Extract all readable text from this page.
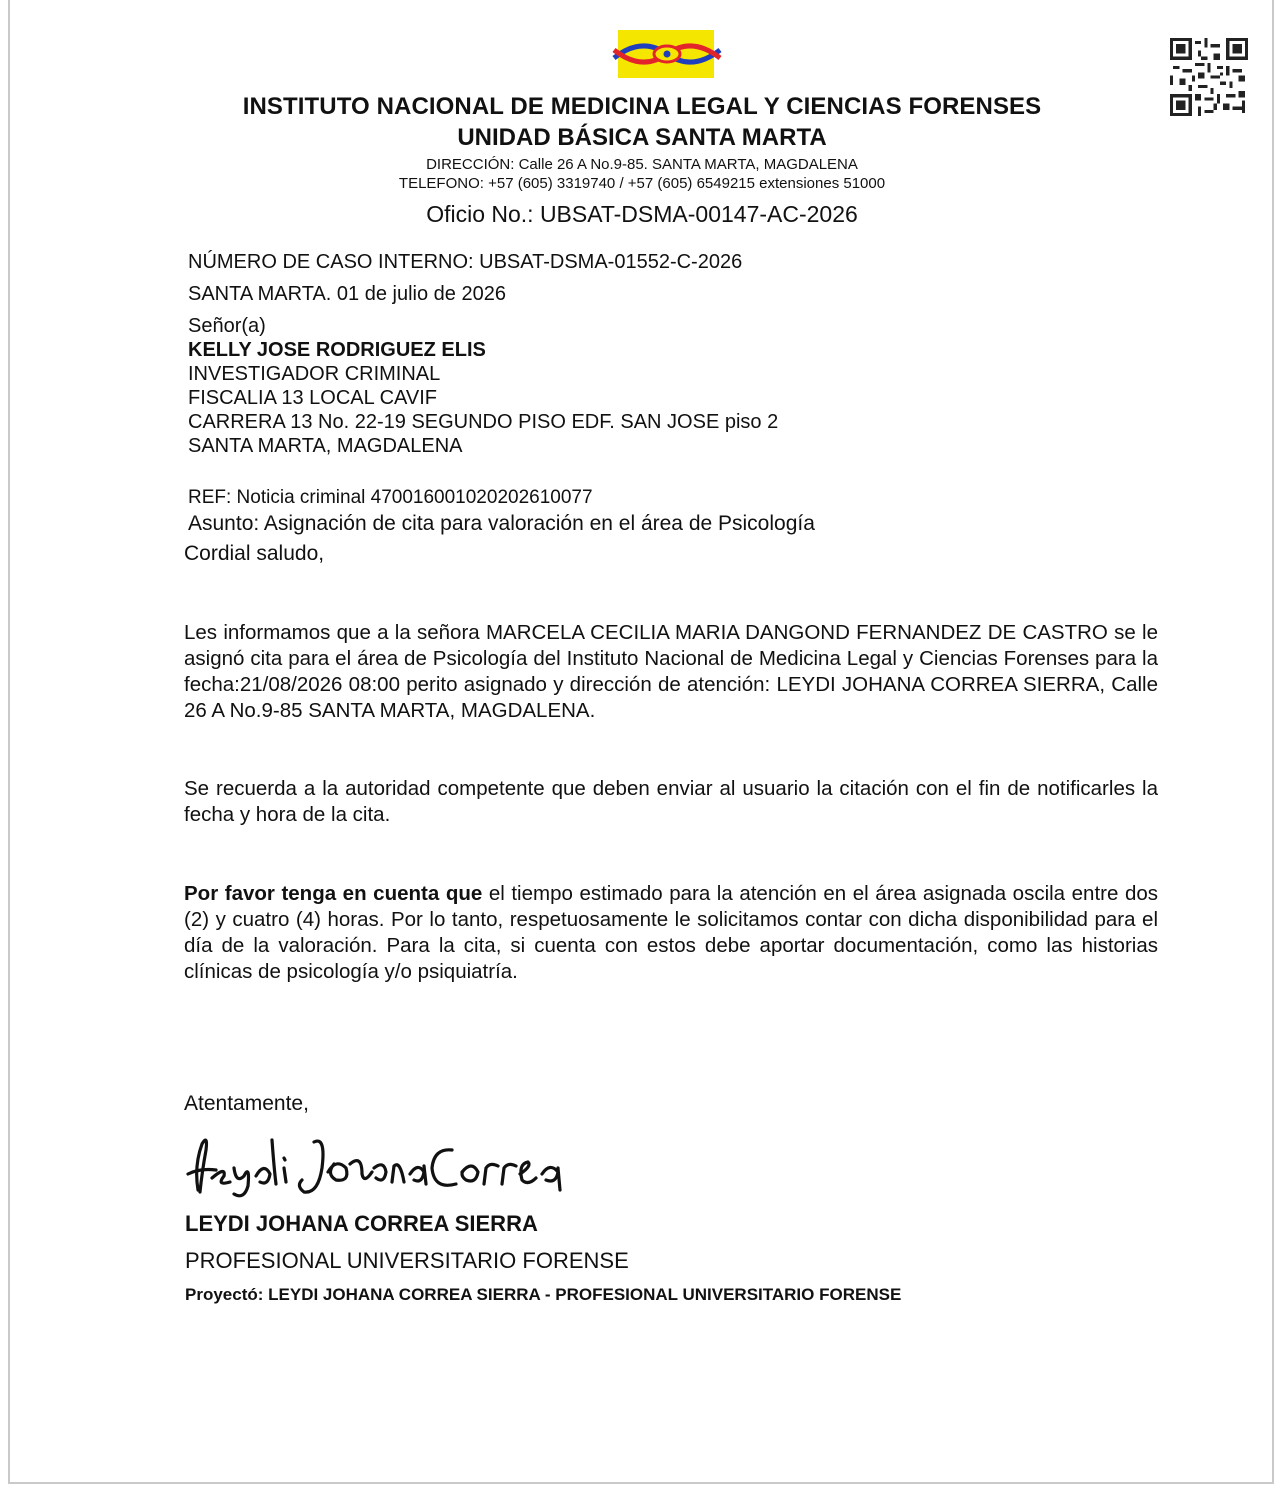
INSTITUTO NACIONAL DE MEDICINA LEGAL Y CIENCIAS FORENSES

UNIDAD BÁSICA SANTA MARTA

DIRECCIÓN: Calle 26 A No.9-85. SANTA MARTA, MAGDALENA

TELEFONO: +57 (605) 3319740 / +57 (605) 6549215 extensiones 51000

Oficio No.: UBSAT-DSMA-00147-AC-2026

NÚMERO DE CASO INTERNO: UBSAT-DSMA-01552-C-2026

SANTA MARTA. 01 de julio de 2026

Señor(a)

KELLY JOSE RODRIGUEZ ELIS

INVESTIGADOR CRIMINAL

FISCALIA 13 LOCAL CAVIF

CARRERA 13 No. 22-19 SEGUNDO PISO EDF. SAN JOSE piso 2

SANTA MARTA, MAGDALENA

REF: Noticia criminal 470016001020202610077

Asunto: Asignación de cita para valoración en el área de Psicología

Cordial saludo,

Les informamos que a la señora MARCELA CECILIA MARIA DANGOND FERNANDEZ DE CASTRO se le asignó cita para el área de Psicología del Instituto Nacional de Medicina Legal y Ciencias Forenses para la fecha:21/08/2026 08:00 perito asignado y dirección de atención: LEYDI JOHANA CORREA SIERRA, Calle 26 A No.9-85 SANTA MARTA, MAGDALENA.

Se recuerda a la autoridad competente que deben enviar al usuario la citación con el fin de notificarles la fecha y hora de la cita.

Por favor tenga en cuenta que el tiempo estimado para la atención en el área asignada oscila entre dos (2) y cuatro (4) horas. Por lo tanto, respetuosamente le solicitamos contar con dicha disponibilidad para el día de la valoración. Para la cita, si cuenta con estos debe aportar documentación, como las historias clínicas de psicología y/o psiquiatría.

Atentamente,

LEYDI JOHANA CORREA SIERRA

PROFESIONAL UNIVERSITARIO FORENSE

Proyectó: LEYDI JOHANA CORREA SIERRA - PROFESIONAL UNIVERSITARIO FORENSE
